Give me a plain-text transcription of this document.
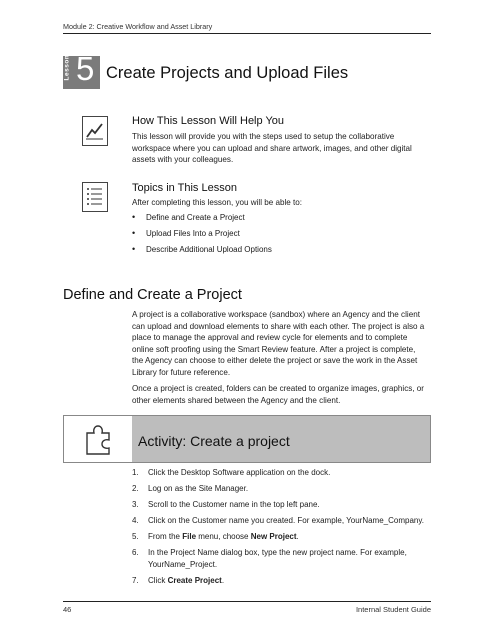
Module 2: Creative Workflow and Asset Library
Lesson 5 Create Projects and Upload Files
How This Lesson Will Help You
This lesson will provide you with the steps used to setup the collaborative workspace where you can upload and share artwork, images, and other digital assets with your colleagues.
Topics in This Lesson
After completing this lesson, you will be able to:
• Define and Create a Project
• Upload Files Into a Project
• Describe Additional Upload Options
Define and Create a Project

A project is a collaborative workspace (sandbox) where an Agency and the client can upload and download elements to share with each other. The project is also a place to manage the approval and review cycle for elements and to complete online soft proofing using the Smart Review feature. After a project is complete, the Agency can choose to either delete the project or save the work in the Asset Library for future reference.

Once a project is created, folders can be created to organize images, graphics, or other elements shared between the Agency and the client.

Activity: Create a project
1. Click the Desktop Software application on the dock.
2. Log on as the Site Manager.
3. Scroll to the Customer name in the top left pane.
4. Click on the Customer name you created. For example, YourName_Company.
5. From the File menu, choose New Project.
6. In the Project Name dialog box, type the new project name. For example, YourName_Project.
7. Click Create Project.
46	Internal Student Guide
